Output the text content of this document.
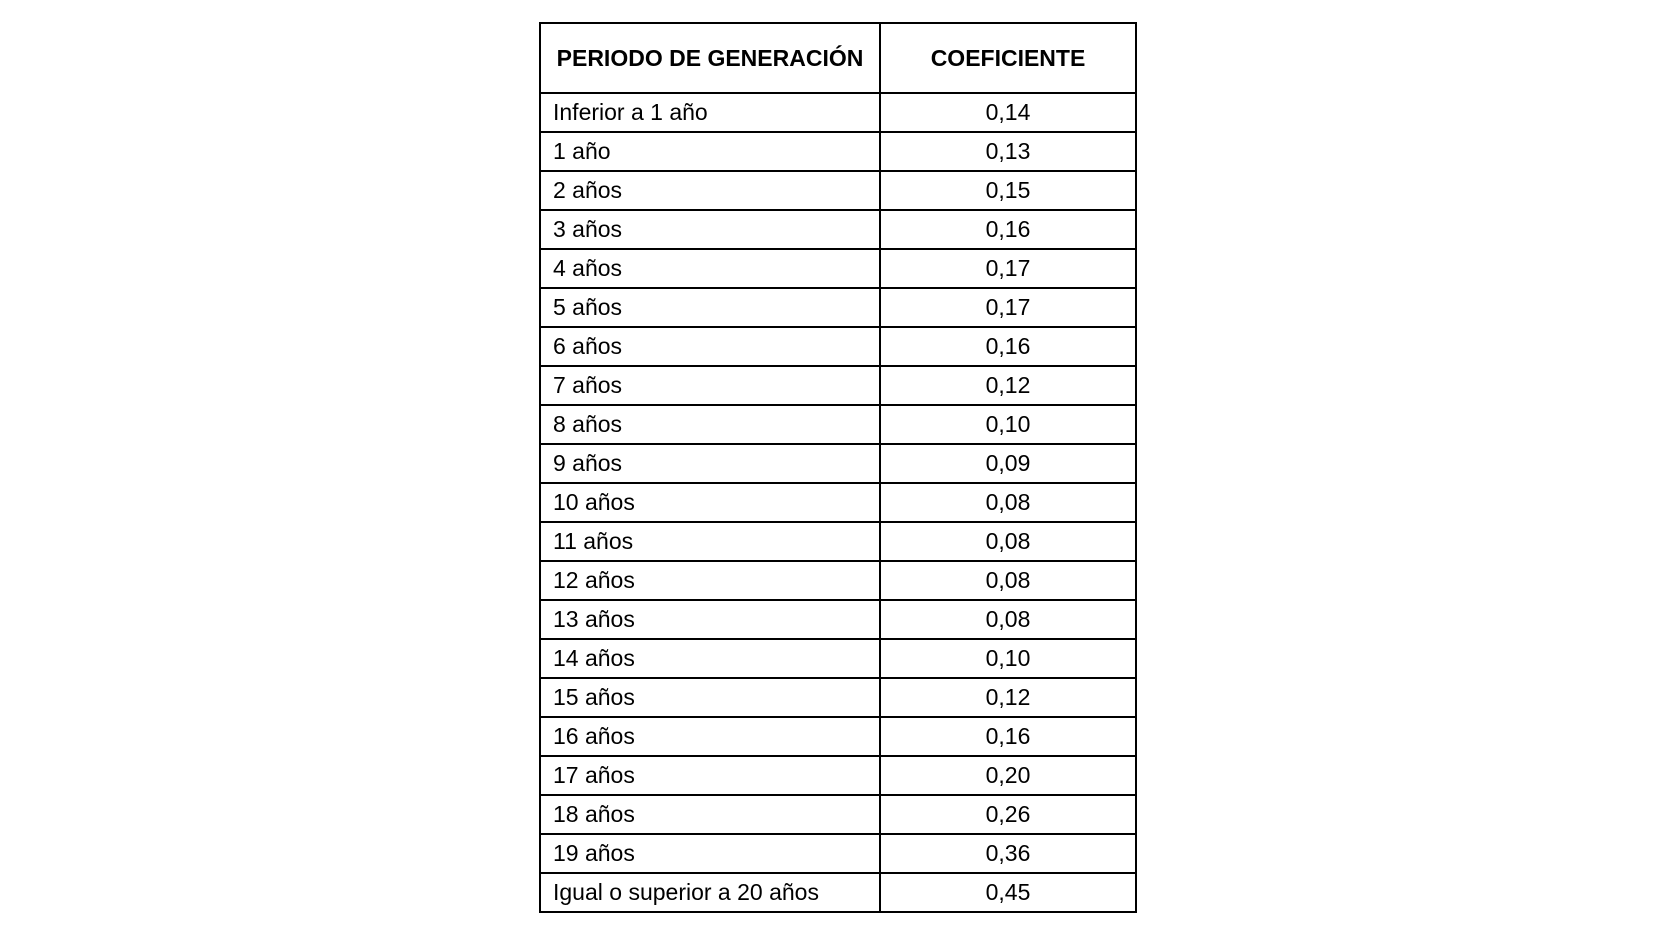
PERIODO DE GENERACIÓN	COEFICIENTE
Inferior a 1 año	0,14
1 año	0,13
2 años	0,15
3 años	0,16
4 años	0,17
5 años	0,17
6 años	0,16
7 años	0,12
8 años	0,10
9 años	0,09
10 años	0,08
11 años	0,08
12 años	0,08
13 años	0,08
14 años	0,10
15 años	0,12
16 años	0,16
17 años	0,20
18 años	0,26
19 años	0,36
Igual o superior a 20 años	0,45
